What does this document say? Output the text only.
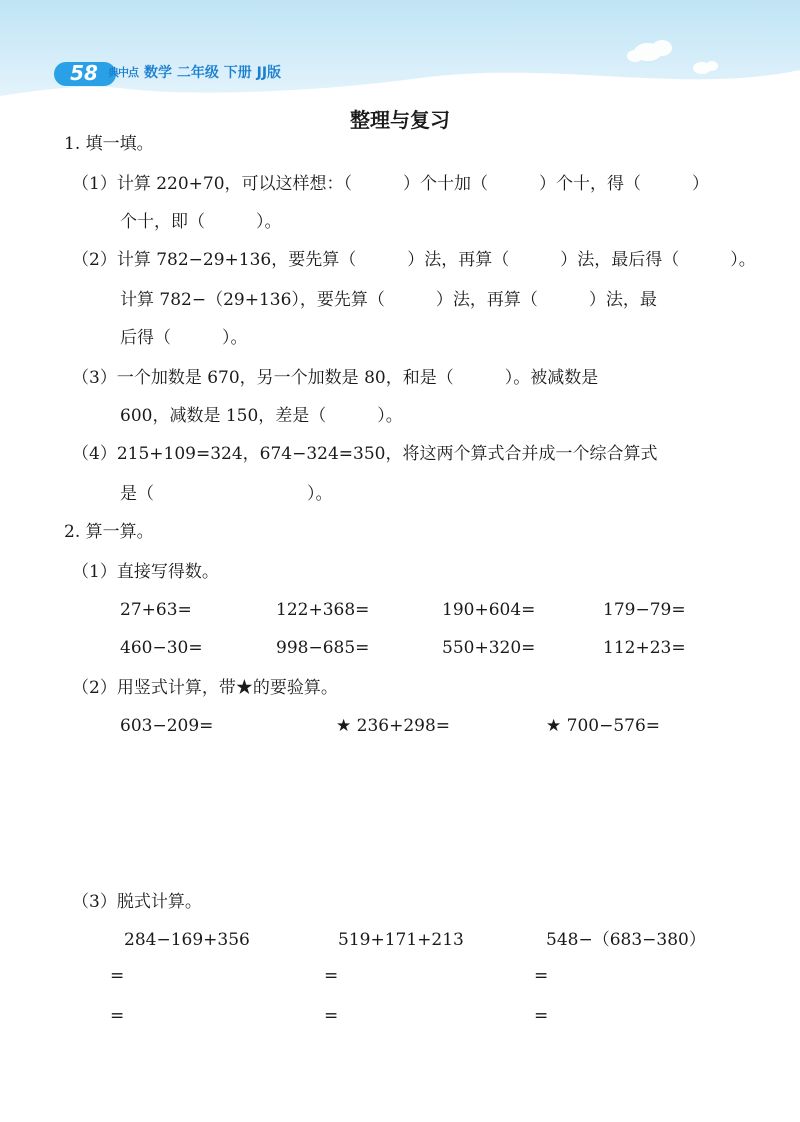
58 典中点 数学 二年级 下册 JJ版
整理与复习
1. 填一填。
（1）计算 220+70，可以这样想：（　　　）个十加（　　　）个十，得（　　　）
个十，即（　　　）。
（2）计算 782−29+136，要先算（　　　）法，再算（　　　）法，最后得（　　　）。
计算 782−（29+136），要先算（　　　）法，再算（　　　）法，最
后得（　　　）。
（3）一个加数是 670，另一个加数是 80，和是（　　　）。被减数是
600，减数是 150，差是（　　　）。
（4）215+109=324，674−324=350，将这两个算式合并成一个综合算式
是（　　　　　　　　　）。
2. 算一算。
（1）直接写得数。
27+63=	122+368=	190+604=	179−79=
460−30=	998−685=	550+320=	112+23=
（2）用竖式计算，带★的要验算。
603−209=	★ 236+298=	★ 700−576=
（3）脱式计算。
284−169+356	519+171+213	548−（683−380）
=	=	=
=	=	=
